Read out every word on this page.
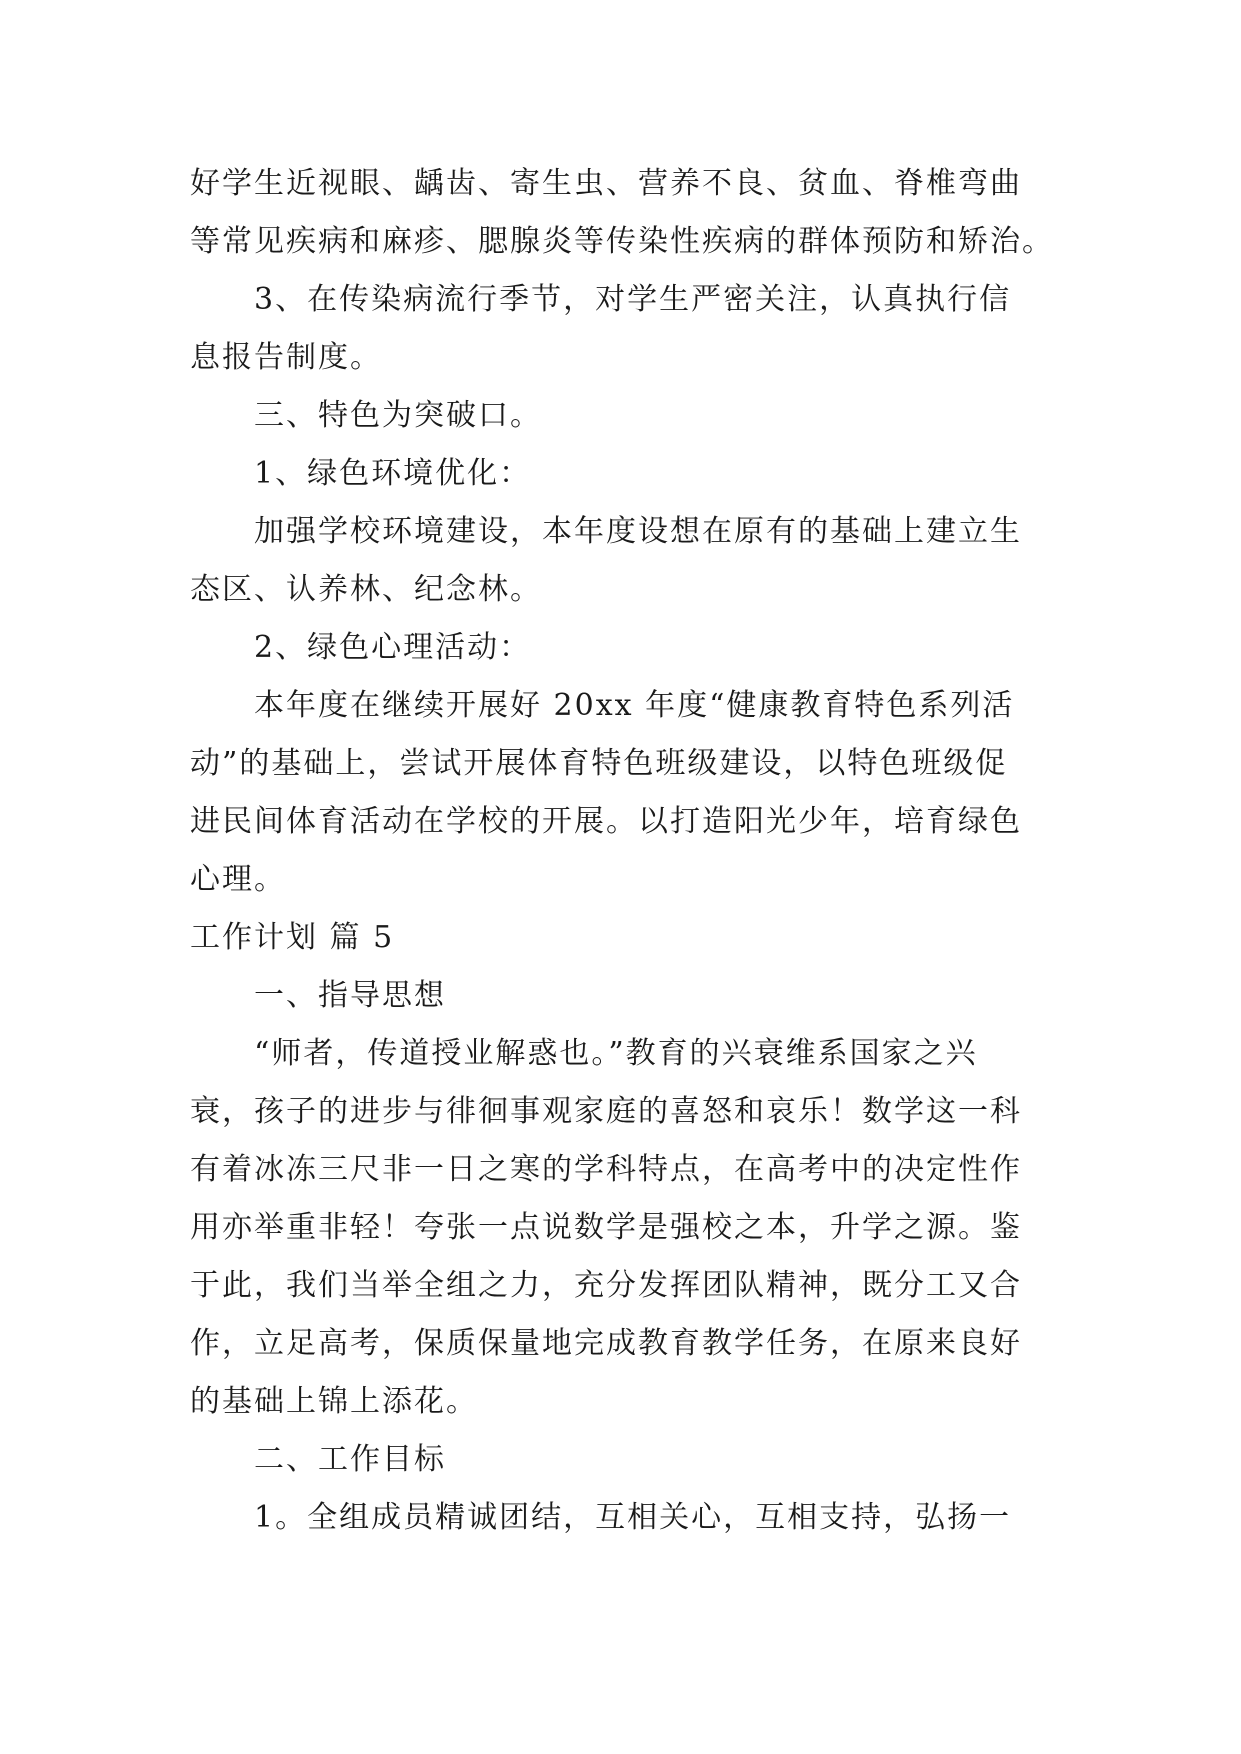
好学生近视眼、龋齿、寄生虫、营养不良、贫血、脊椎弯曲
等常见疾病和麻疹、腮腺炎等传染性疾病的群体预防和矫治。
3、在传染病流行季节，对学生严密关注，认真执行信
息报告制度。
三、特色为突破口。
1、绿色环境优化：
加强学校环境建设，本年度设想在原有的基础上建立生
态区、认养林、纪念林。
2、绿色心理活动：
本年度在继续开展好 20xx 年度“健康教育特色系列活
动”的基础上，尝试开展体育特色班级建设，以特色班级促
进民间体育活动在学校的开展。以打造阳光少年，培育绿色
心理。
工作计划 篇 5
一、指导思想
“师者，传道授业解惑也。”教育的兴衰维系国家之兴
衰，孩子的进步与徘徊事观家庭的喜怒和哀乐！数学这一科
有着冰冻三尺非一日之寒的学科特点，在高考中的决定性作
用亦举重非轻！夸张一点说数学是强校之本，升学之源。鉴
于此，我们当举全组之力，充分发挥团队精神，既分工又合
作，立足高考，保质保量地完成教育教学任务，在原来良好
的基础上锦上添花。
二、工作目标
1。全组成员精诚团结，互相关心，互相支持，弘扬一
